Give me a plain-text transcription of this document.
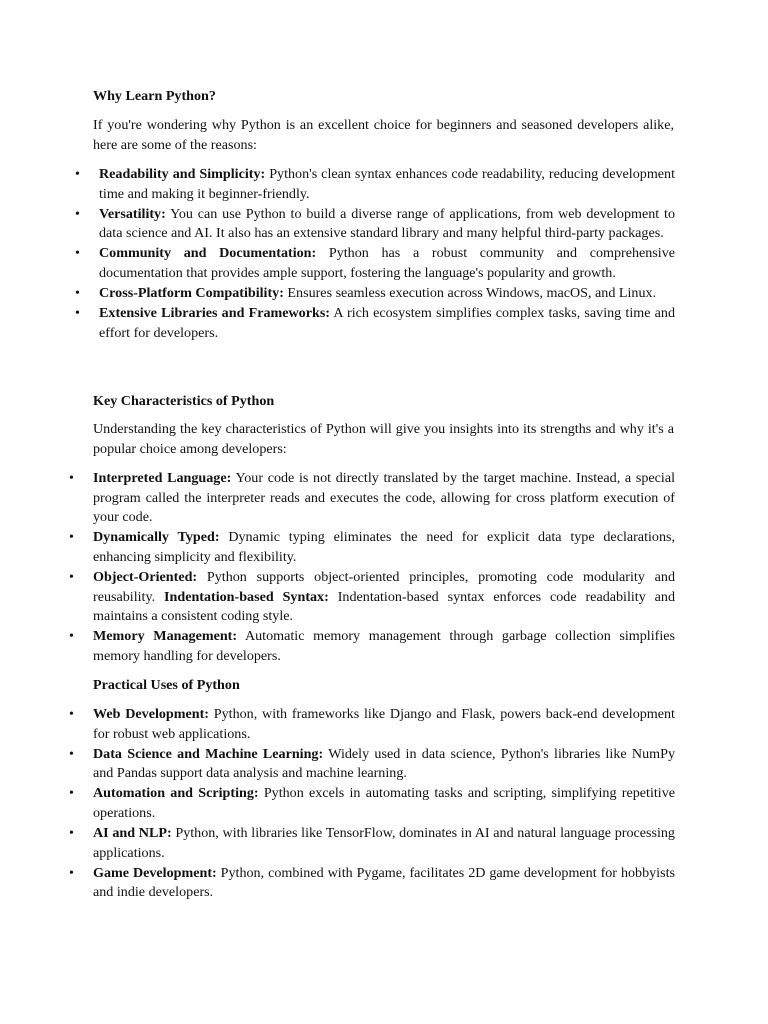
Why Learn Python?

If you're wondering why Python is an excellent choice for beginners and seasoned developers alike, here are some of the reasons:

• Readability and Simplicity: Python's clean syntax enhances code readability, reducing development time and making it beginner-friendly.
• Versatility: You can use Python to build a diverse range of applications, from web development to data science and AI. It also has an extensive standard library and many helpful third-party packages.
• Community and Documentation: Python has a robust community and comprehensive documentation that provides ample support, fostering the language's popularity and growth.
• Cross-Platform Compatibility: Ensures seamless execution across Windows, macOS, and Linux.
• Extensive Libraries and Frameworks: A rich ecosystem simplifies complex tasks, saving time and effort for developers.
Key Characteristics of Python

Understanding the key characteristics of Python will give you insights into its strengths and why it's a popular choice among developers:

• Interpreted Language: Your code is not directly translated by the target machine. Instead, a special program called the interpreter reads and executes the code, allowing for cross platform execution of your code.
• Dynamically Typed: Dynamic typing eliminates the need for explicit data type declarations, enhancing simplicity and flexibility.
• Object-Oriented: Python supports object-oriented principles, promoting code modularity and reusability. Indentation-based Syntax: Indentation-based syntax enforces code readability and maintains a consistent coding style.
• Memory Management: Automatic memory management through garbage collection simplifies memory handling for developers.
Practical Uses of Python
• Web Development: Python, with frameworks like Django and Flask, powers back-end development for robust web applications.
• Data Science and Machine Learning: Widely used in data science, Python's libraries like NumPy and Pandas support data analysis and machine learning.
• Automation and Scripting: Python excels in automating tasks and scripting, simplifying repetitive operations.
• AI and NLP: Python, with libraries like TensorFlow, dominates in AI and natural language processing applications.
• Game Development: Python, combined with Pygame, facilitates 2D game development for hobbyists and indie developers.
